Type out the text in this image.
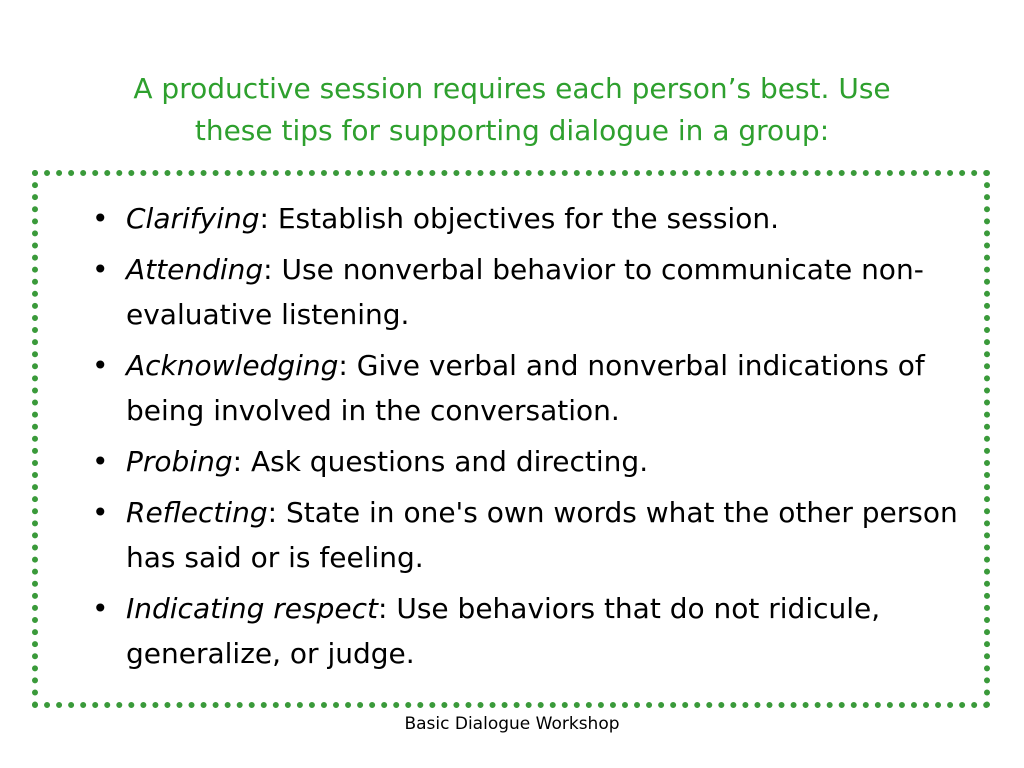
A productive session requires each person’s best. Use
these tips for supporting dialogue in a group:
• Clarifying: Establish objectives for the session.
• Attending: Use nonverbal behavior to communicate non-evaluative listening.
• Acknowledging: Give verbal and nonverbal indications of being involved in the conversation.
• Probing: Ask questions and directing.
• Reflecting: State in one's own words what the other person has said or is feeling.
• Indicating respect: Use behaviors that do not ridicule, generalize, or judge.
Basic Dialogue Workshop
